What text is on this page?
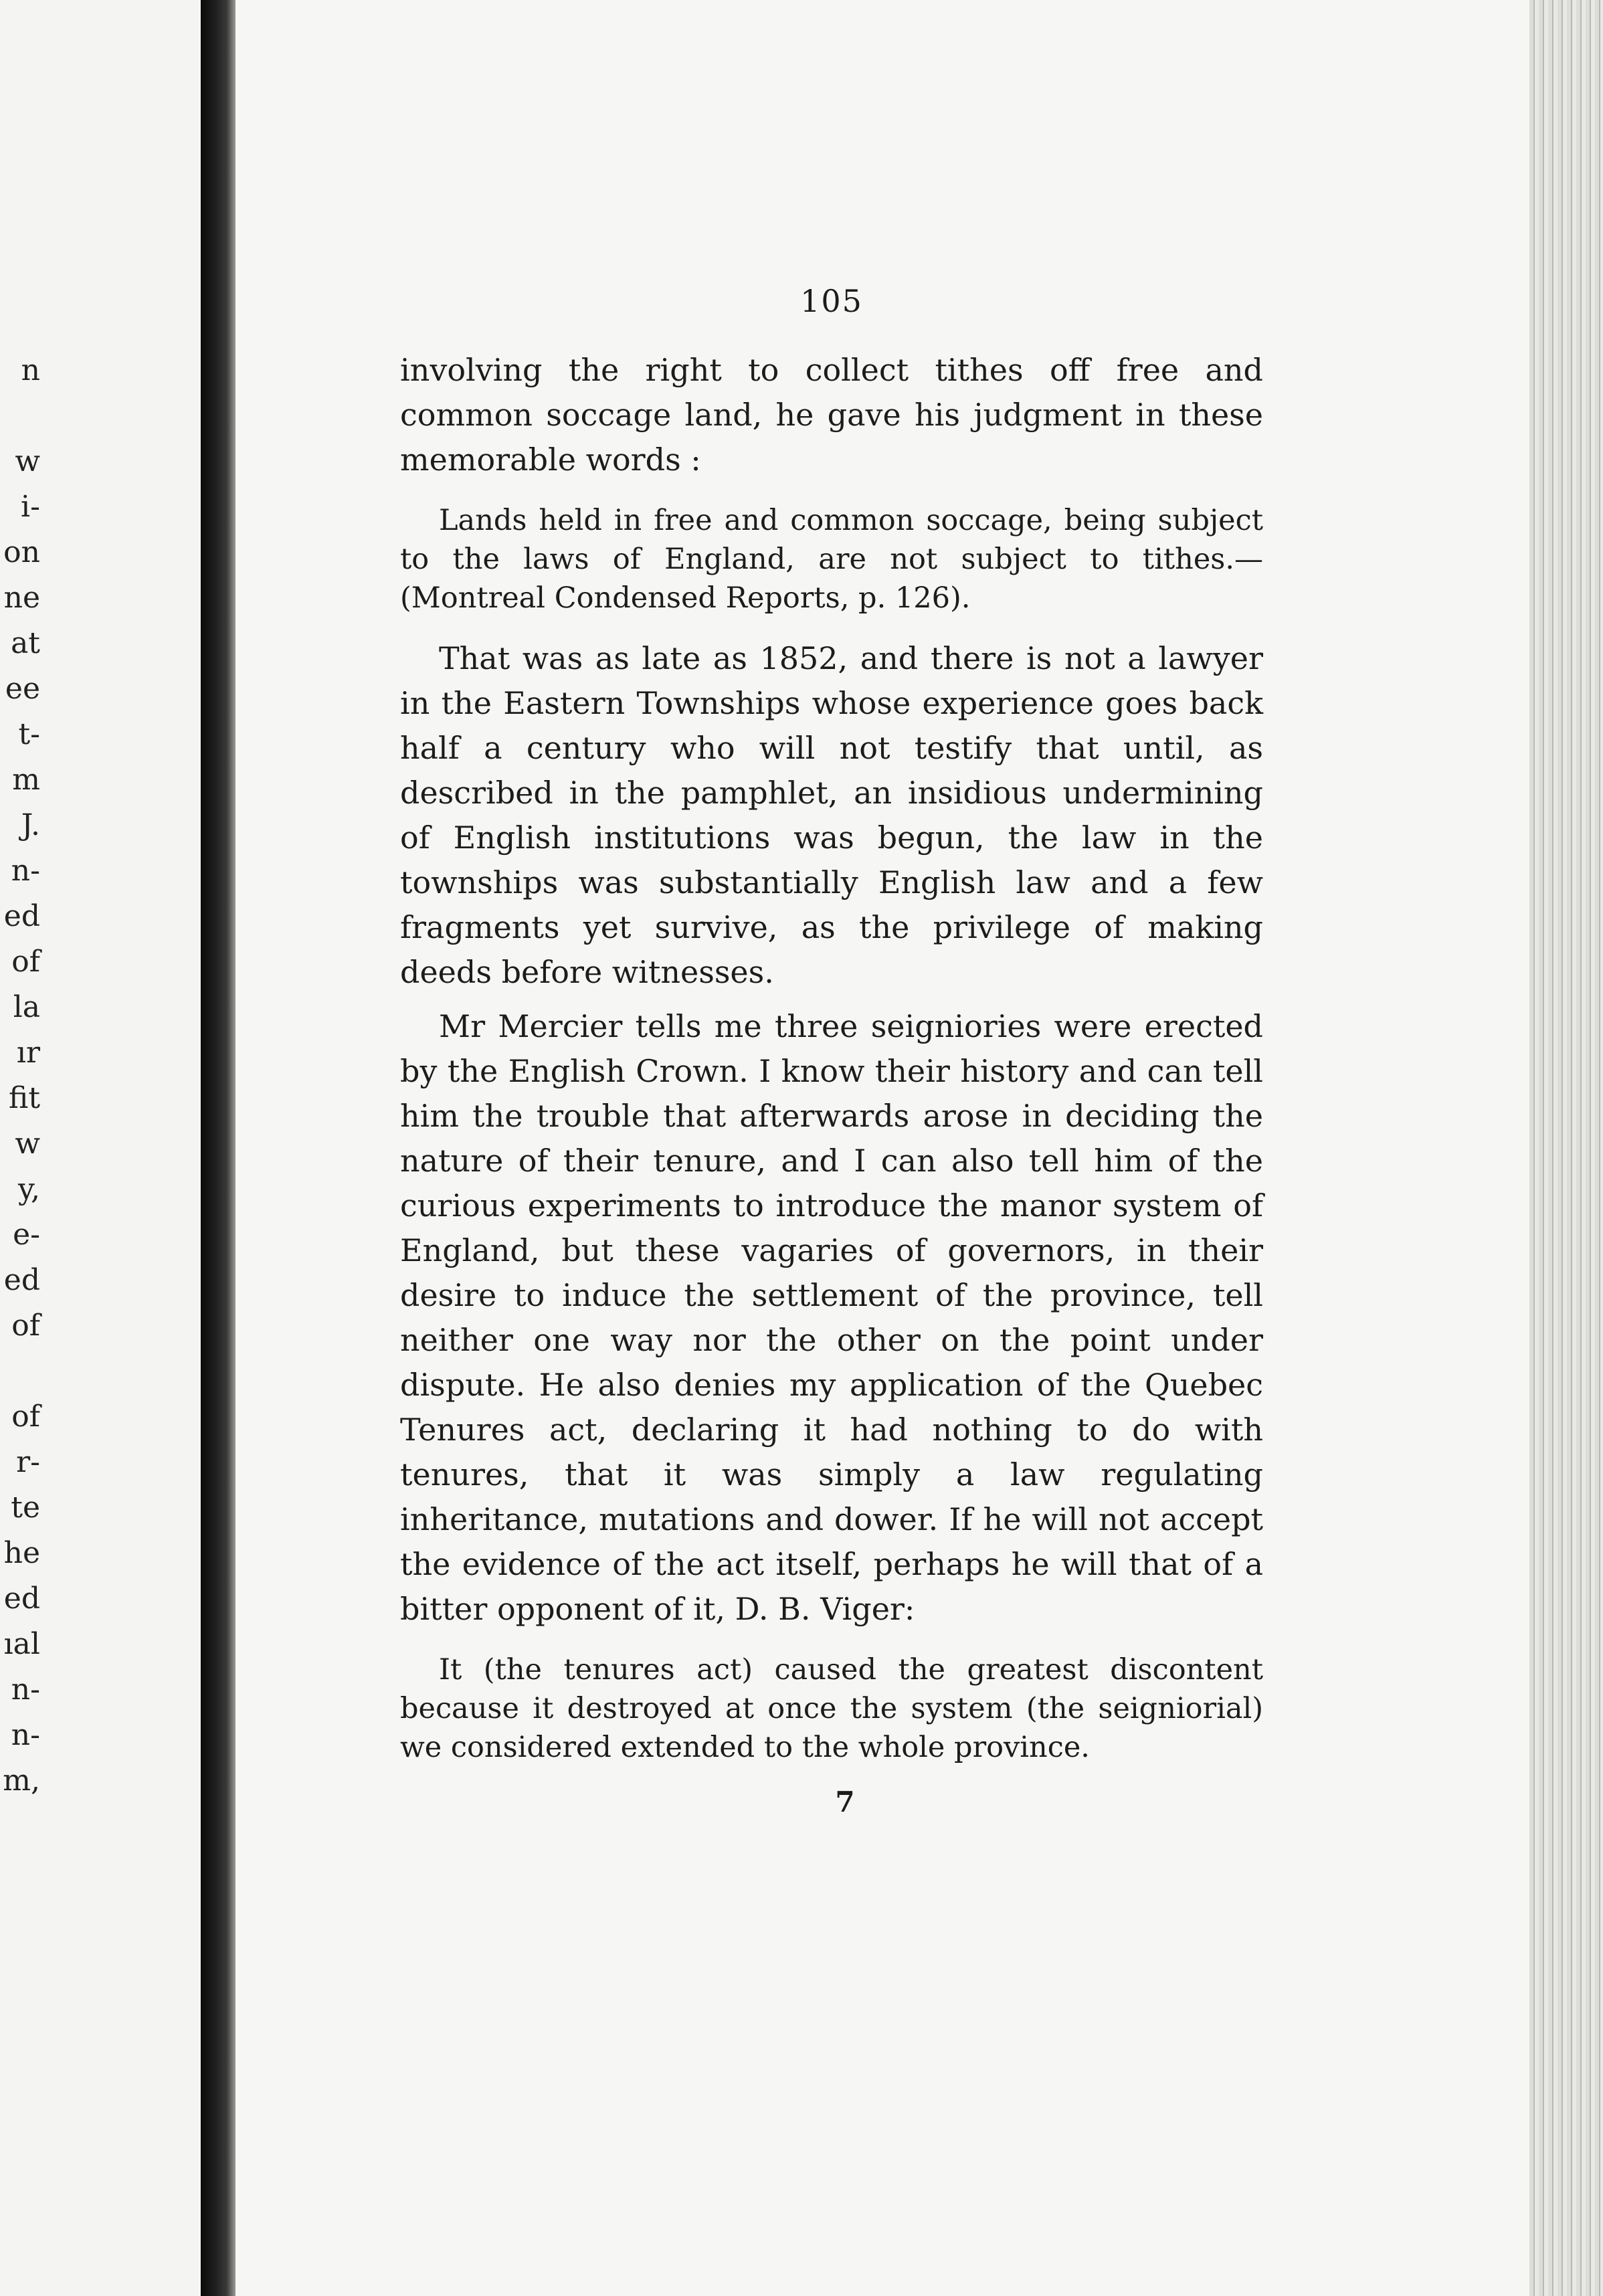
n
w
i-
on
ne
at
ee
t-
m
J.
n-
ed
of
la
ır
fit
w
y,
e-
ed
of
of
r-
te
he
ed
ıal
n-
n-
m,
105

involving the right to collect tithes off free and common soccage land, he gave his judgment in these memorable words :

Lands held in free and common soccage, being subject to the laws of England, are not subject to tithes.—(Montreal Condensed Reports, p. 126).

That was as late as 1852, and there is not a lawyer in the Eastern Townships whose experience goes back half a century who will not testify that until, as described in the pamphlet, an insidious undermining of English institutions was begun, the law in the townships was substantially English law and a few fragments yet survive, as the privilege of making deeds before witnesses.

Mr Mercier tells me three seigniories were erected by the English Crown. I know their history and can tell him the trouble that afterwards arose in deciding the nature of their tenure, and I can also tell him of the curious experiments to introduce the manor system of England, but these vagaries of governors, in their desire to induce the settlement of the province, tell neither one way nor the other on the point under dispute. He also denies my application of the Quebec Tenures act, declaring it had nothing to do with tenures, that it was simply a law regulating inheritance, mutations and dower. If he will not accept the evidence of the act itself, perhaps he will that of a bitter opponent of it, D. B. Viger:

It (the tenures act) caused the greatest discontent because it destroyed at once the system (the seigniorial) we considered extended to the whole province.

7
